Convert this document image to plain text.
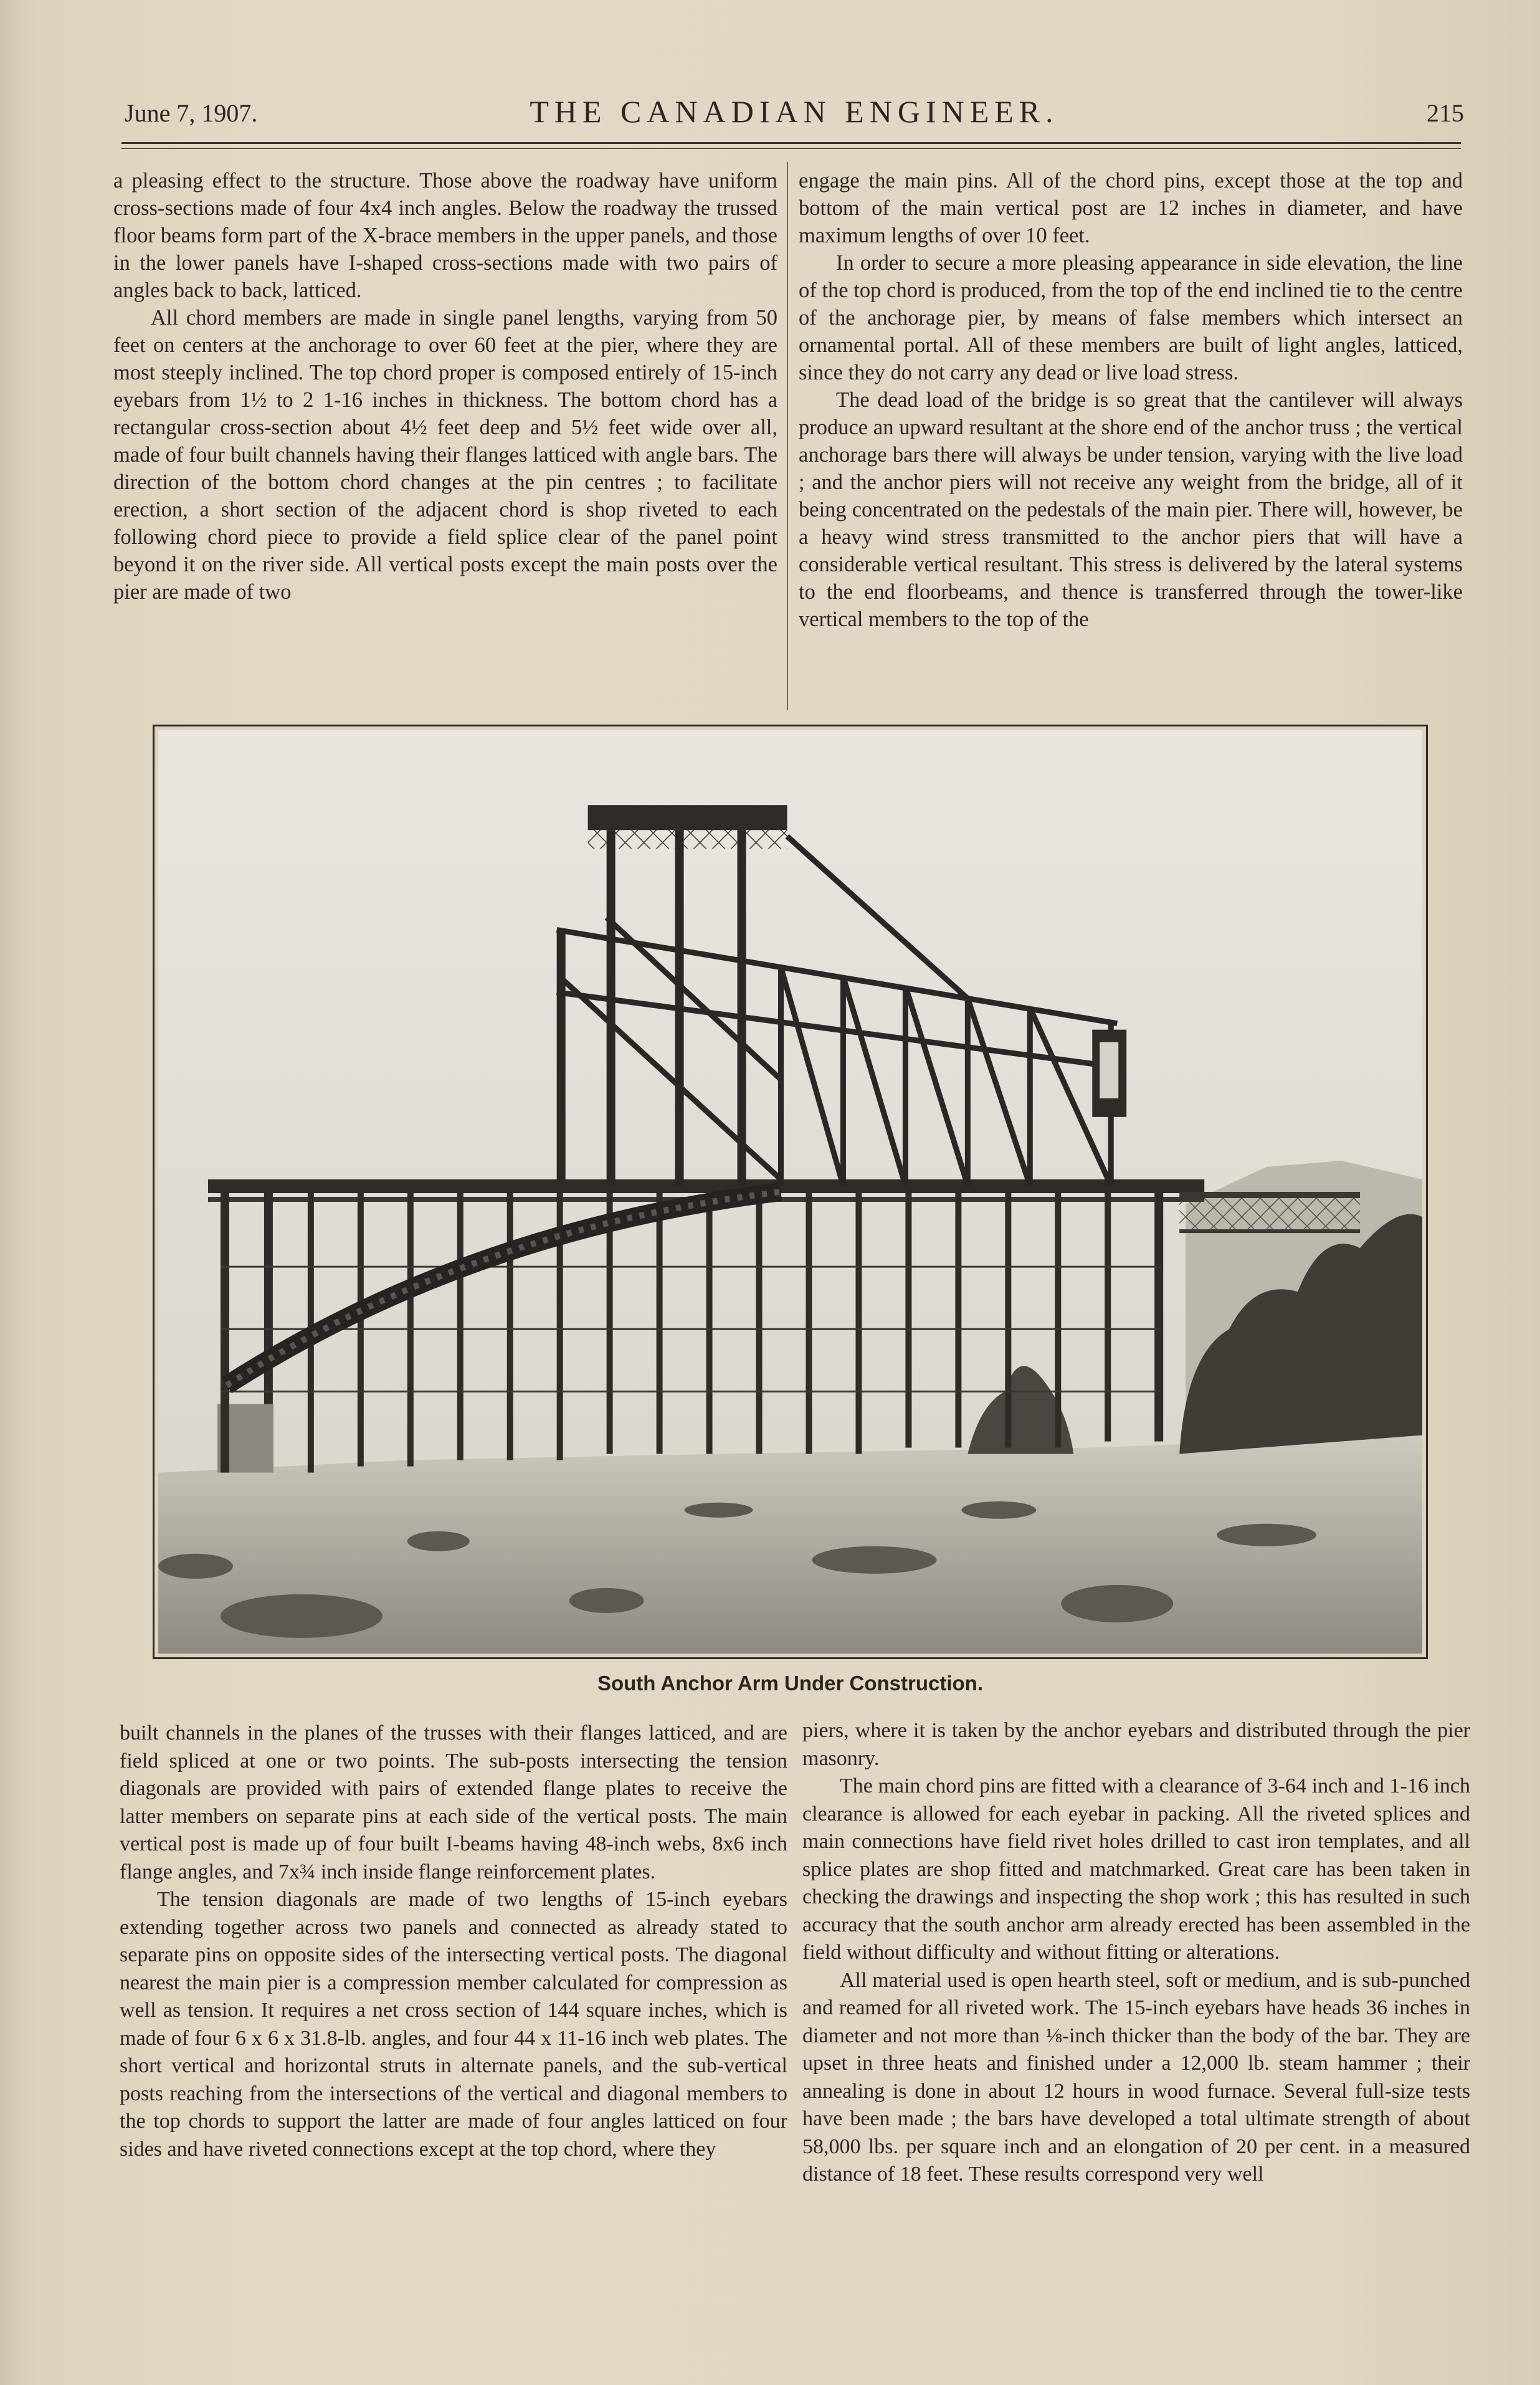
June 7, 1907.	THE CANADIAN ENGINEER.	215

a pleasing effect to the structure. Those above the roadway have uniform cross-sections made of four 4x4 inch angles. Below the roadway the trussed floor beams form part of the X-brace members in the upper panels, and those in the lower panels have I-shaped cross-sections made with two pairs of angles back to back, latticed.

All chord members are made in single panel lengths, varying from 50 feet on centers at the anchorage to over 60 feet at the pier, where they are most steeply inclined. The top chord proper is composed entirely of 15-inch eyebars from 1½ to 2 1-16 inches in thickness. The bottom chord has a rectangular cross-section about 4½ feet deep and 5½ feet wide over all, made of four built channels having their flanges latticed with angle bars. The direction of the bottom chord changes at the pin centres ; to facilitate erection, a short section of the adjacent chord is shop riveted to each following chord piece to provide a field splice clear of the panel point beyond it on the river side. All vertical posts except the main posts over the pier are made of two

engage the main pins. All of the chord pins, except those at the top and bottom of the main vertical post are 12 inches in diameter, and have maximum lengths of over 10 feet.

In order to secure a more pleasing appearance in side elevation, the line of the top chord is produced, from the top of the end inclined tie to the centre of the anchorage pier, by means of false members which intersect an ornamental portal. All of these members are built of light angles, latticed, since they do not carry any dead or live load stress.

The dead load of the bridge is so great that the cantilever will always produce an upward resultant at the shore end of the anchor truss ; the vertical anchorage bars there will always be under tension, varying with the live load ; and the anchor piers will not receive any weight from the bridge, all of it being concentrated on the pedestals of the main pier. There will, however, be a heavy wind stress transmitted to the anchor piers that will have a considerable vertical resultant. This stress is delivered by the lateral systems to the end floorbeams, and thence is transferred through the tower-like vertical members to the top of the

South Anchor Arm Under Construction.

built channels in the planes of the trusses with their flanges latticed, and are field spliced at one or two points. The sub-posts intersecting the tension diagonals are provided with pairs of extended flange plates to receive the latter members on separate pins at each side of the vertical posts. The main vertical post is made up of four built I-beams having 48-inch webs, 8x6 inch flange angles, and 7x¾ inch inside flange reinforcement plates.

The tension diagonals are made of two lengths of 15-inch eyebars extending together across two panels and connected as already stated to separate pins on opposite sides of the intersecting vertical posts. The diagonal nearest the main pier is a compression member calculated for compression as well as tension. It requires a net cross section of 144 square inches, which is made of four 6 x 6 x 31.8-lb. angles, and four 44 x 11-16 inch web plates. The short vertical and horizontal struts in alternate panels, and the sub-vertical posts reaching from the intersections of the vertical and diagonal members to the top chords to support the latter are made of four angles latticed on four sides and have riveted connections except at the top chord, where they

piers, where it is taken by the anchor eyebars and distributed through the pier masonry.

The main chord pins are fitted with a clearance of 3-64 inch and 1-16 inch clearance is allowed for each eyebar in packing. All the riveted splices and main connections have field rivet holes drilled to cast iron templates, and all splice plates are shop fitted and matchmarked. Great care has been taken in checking the drawings and inspecting the shop work ; this has resulted in such accuracy that the south anchor arm already erected has been assembled in the field without difficulty and without fitting or alterations.

All material used is open hearth steel, soft or medium, and is sub-punched and reamed for all riveted work. The 15-inch eyebars have heads 36 inches in diameter and not more than ⅛-inch thicker than the body of the bar. They are upset in three heats and finished under a 12,000 lb. steam hammer ; their annealing is done in about 12 hours in wood furnace. Several full-size tests have been made ; the bars have developed a total ultimate strength of about 58,000 lbs. per square inch and an elongation of 20 per cent. in a measured distance of 18 feet. These results correspond very well
